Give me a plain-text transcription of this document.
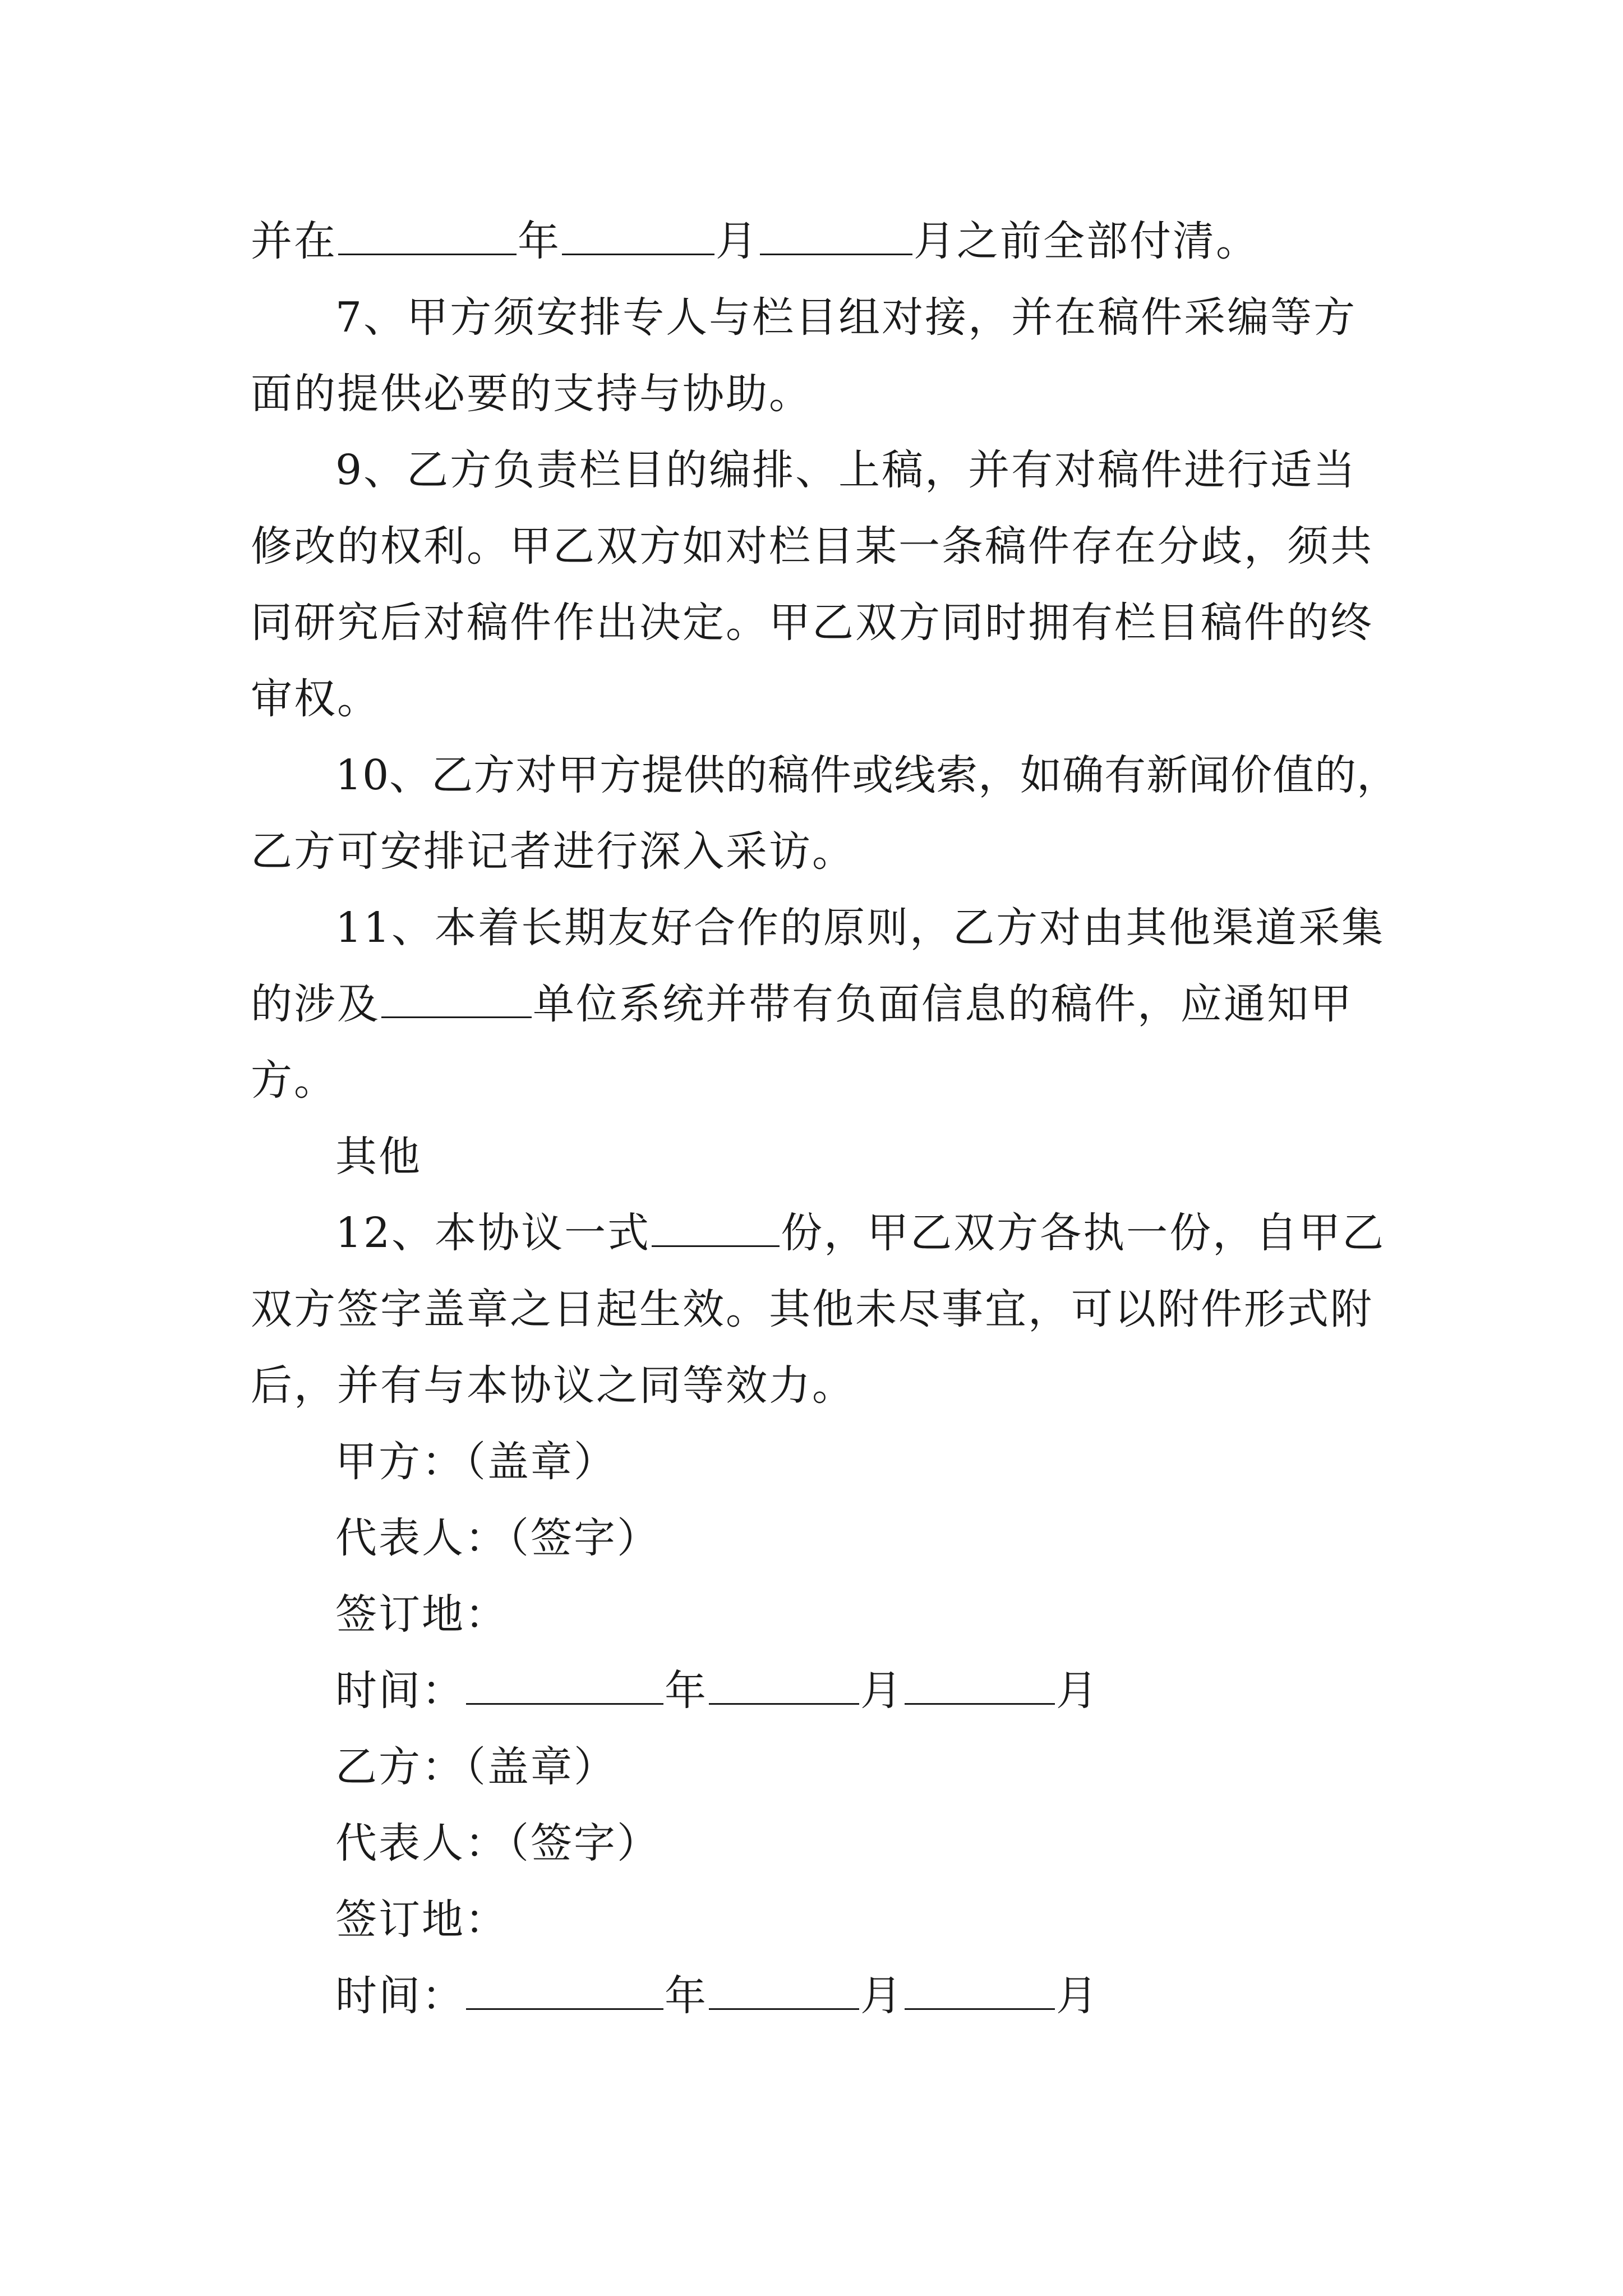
并在	年	月	月之前全部付清。

7、甲方须安排专人与栏目组对接，并在稿件采编等方

面的提供必要的支持与协助。

9、乙方负责栏目的编排、上稿，并有对稿件进行适当

修改的权利。甲乙双方如对栏目某一条稿件存在分歧，须共

同研究后对稿件作出决定。甲乙双方同时拥有栏目稿件的终

审权。

10、乙方对甲方提供的稿件或线索，如确有新闻价值的，

乙方可安排记者进行深入采访。

11、本着长期友好合作的原则，乙方对由其他渠道采集

的涉及	单位系统并带有负面信息的稿件，应通知甲

方。

其他

12、本协议一式	份，甲乙双方各执一份，自甲乙

双方签字盖章之日起生效。其他未尽事宜，可以附件形式附

后，并有与本协议之同等效力。

甲方：（盖章）

代表人：（签字）

签订地：

时间：	年	月	月

乙方：（盖章）

代表人：（签字）

签订地：

时间：	年	月	月
